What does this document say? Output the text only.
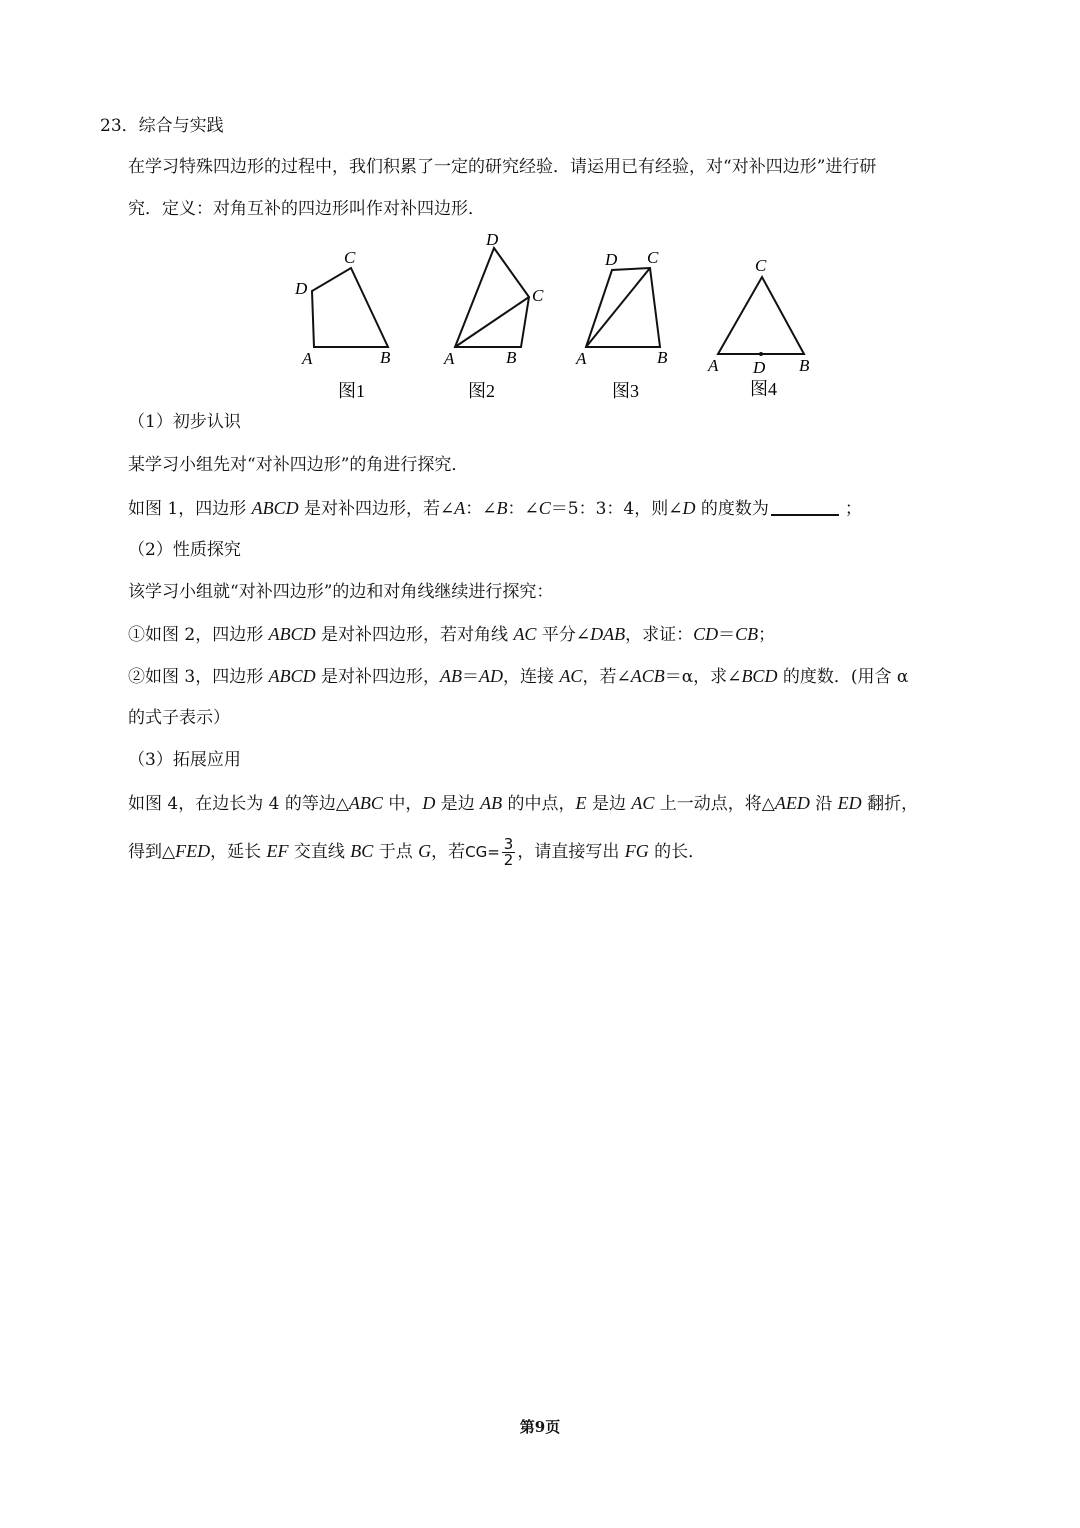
23．综合与实践
在学习特殊四边形的过程中，我们积累了一定的研究经验．请运用已有经验，对“对补四边形”进行研
究．定义：对角互补的四边形叫作对补四边形．
A	B
C
D
图1
A	B
C
D
图2
A	B
C
D
图3
A	B
C
D
图4
（1）初步认识
某学习小组先对“对补四边形”的角进行探究．
如图 1，四边形 ABCD 是对补四边形，若∠A：∠B：∠C＝5：3：4，则∠D 的度数为	；
（2）性质探究
该学习小组就“对补四边形”的边和对角线继续进行探究：
①如图 2，四边形 ABCD 是对补四边形，若对角线 AC 平分∠DAB，求证：CD＝CB；
②如图 3，四边形 ABCD 是对补四边形，AB＝AD，连接 AC，若∠ACB＝α，求∠BCD 的度数．(用含 α
的式子表示）
（3）拓展应用
如图 4，在边长为 4 的等边△ABC 中，D 是边 AB 的中点，E 是边 AC 上一动点，将△AED 沿 ED 翻折，
得到△FED，延长 EF 交直线 BC 于点 G，若$CG= \frac{3}{2}$ ，请直接写出 FG 的长．
第9页
